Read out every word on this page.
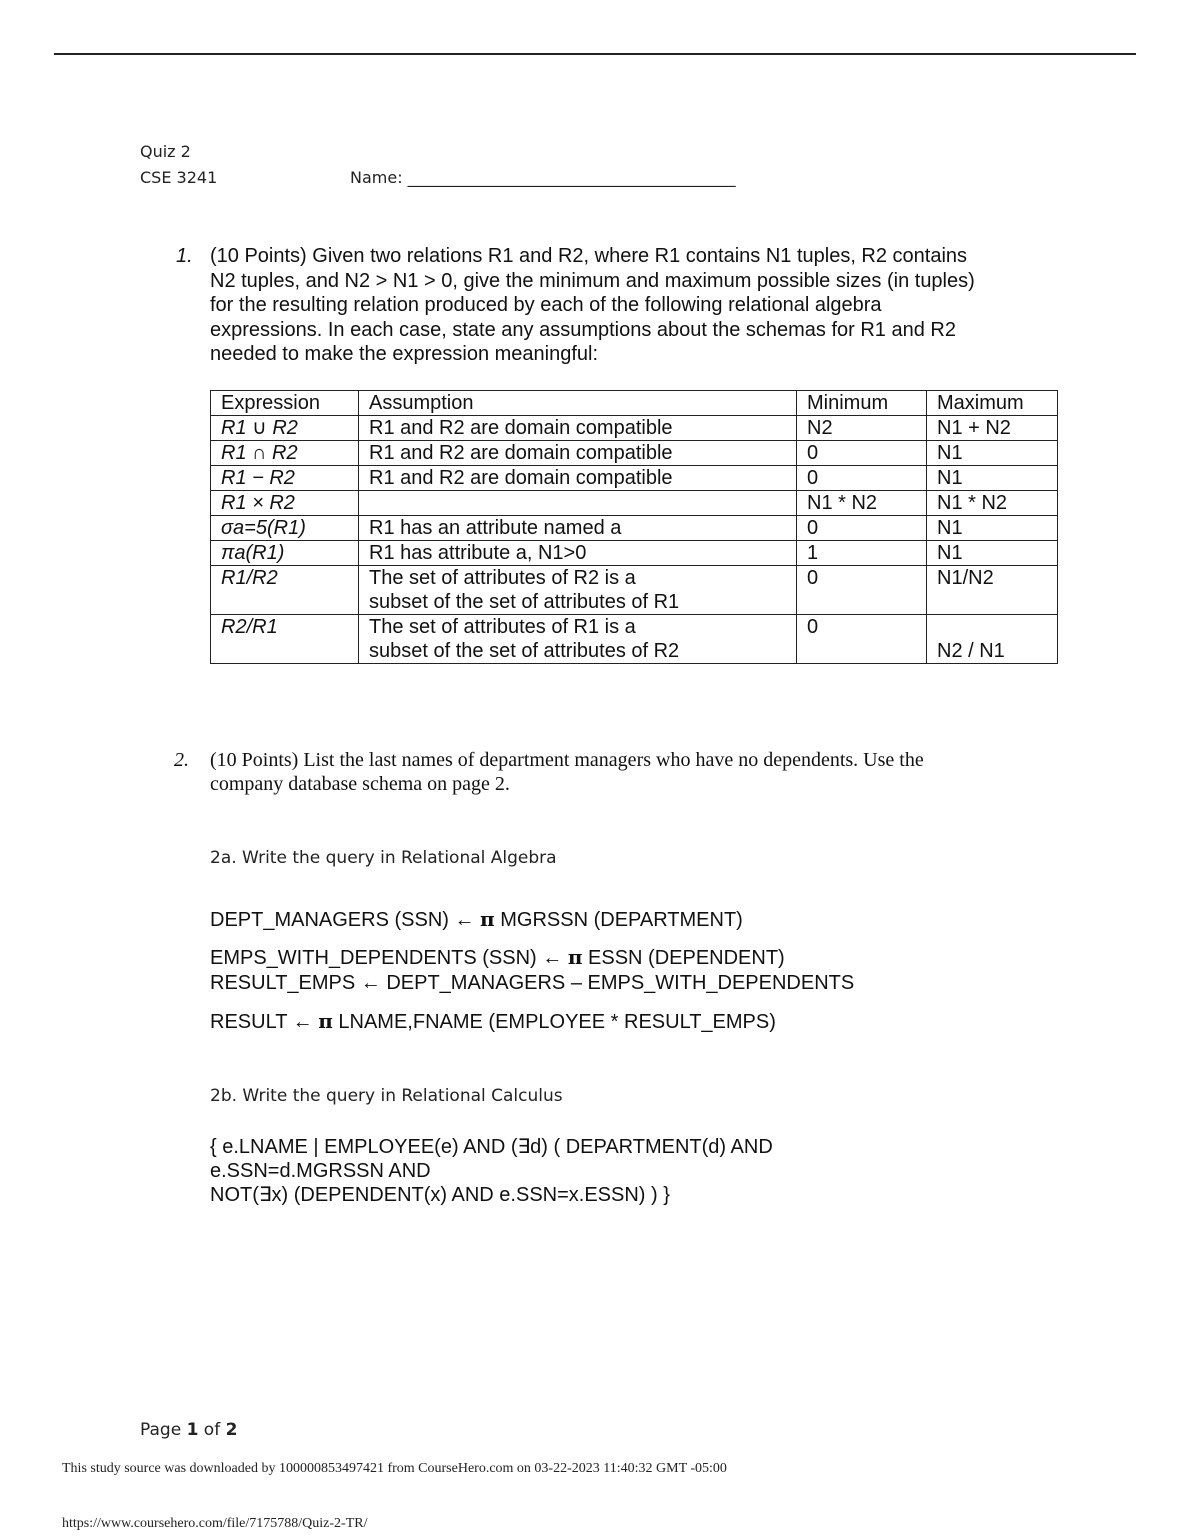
Quiz 2
CSE 3241	Name: _________________________________________
1. (10 Points) Given two relations R1 and R2, where R1 contains N1 tuples, R2 contains
N2 tuples, and N2 > N1 > 0, give the minimum and maximum possible sizes (in tuples)
for the resulting relation produced by each of the following relational algebra
expressions. In each case, state any assumptions about the schemas for R1 and R2
needed to make the expression meaningful:
Expression	Assumption	Minimum	Maximum
R1 ∪ R2	R1 and R2 are domain compatible	N2	N1 + N2
R1 ∩ R2	R1 and R2 are domain compatible	0	N1
R1 − R2	R1 and R2 are domain compatible	0	N1
R1 × R2		N1 * N2	N1 * N2
σa=5(R1)	R1 has an attribute named a	0	N1
πa(R1)	R1 has attribute a, N1>0	1	N1
R1/R2	The set of attributes of R2 is a
subset of the set of attributes of R1	0	N1/N2
R2/R1	The set of attributes of R1 is a
subset of the set of attributes of R2	0	N2 / N1
2. (10 Points) List the last names of department managers who have no dependents. Use the
company database schema on page 2.
2a. Write the query in Relational Algebra
DEPT_MANAGERS (SSN) ← π MGRSSN (DEPARTMENT)
EMPS_WITH_DEPENDENTS (SSN) ← π ESSN (DEPENDENT)
RESULT_EMPS ← DEPT_MANAGERS – EMPS_WITH_DEPENDENTS
RESULT ← π LNAME,FNAME (EMPLOYEE * RESULT_EMPS)
2b. Write the query in Relational Calculus
{ e.LNAME | EMPLOYEE(e) AND (∃d) ( DEPARTMENT(d) AND
e.SSN=d.MGRSSN AND
NOT(∃x) (DEPENDENT(x) AND e.SSN=x.ESSN) ) }
Page 1 of 2
This study source was downloaded by 100000853497421 from CourseHero.com on 03-22-2023 11:40:32 GMT -05:00
https://www.coursehero.com/file/7175788/Quiz-2-TR/
